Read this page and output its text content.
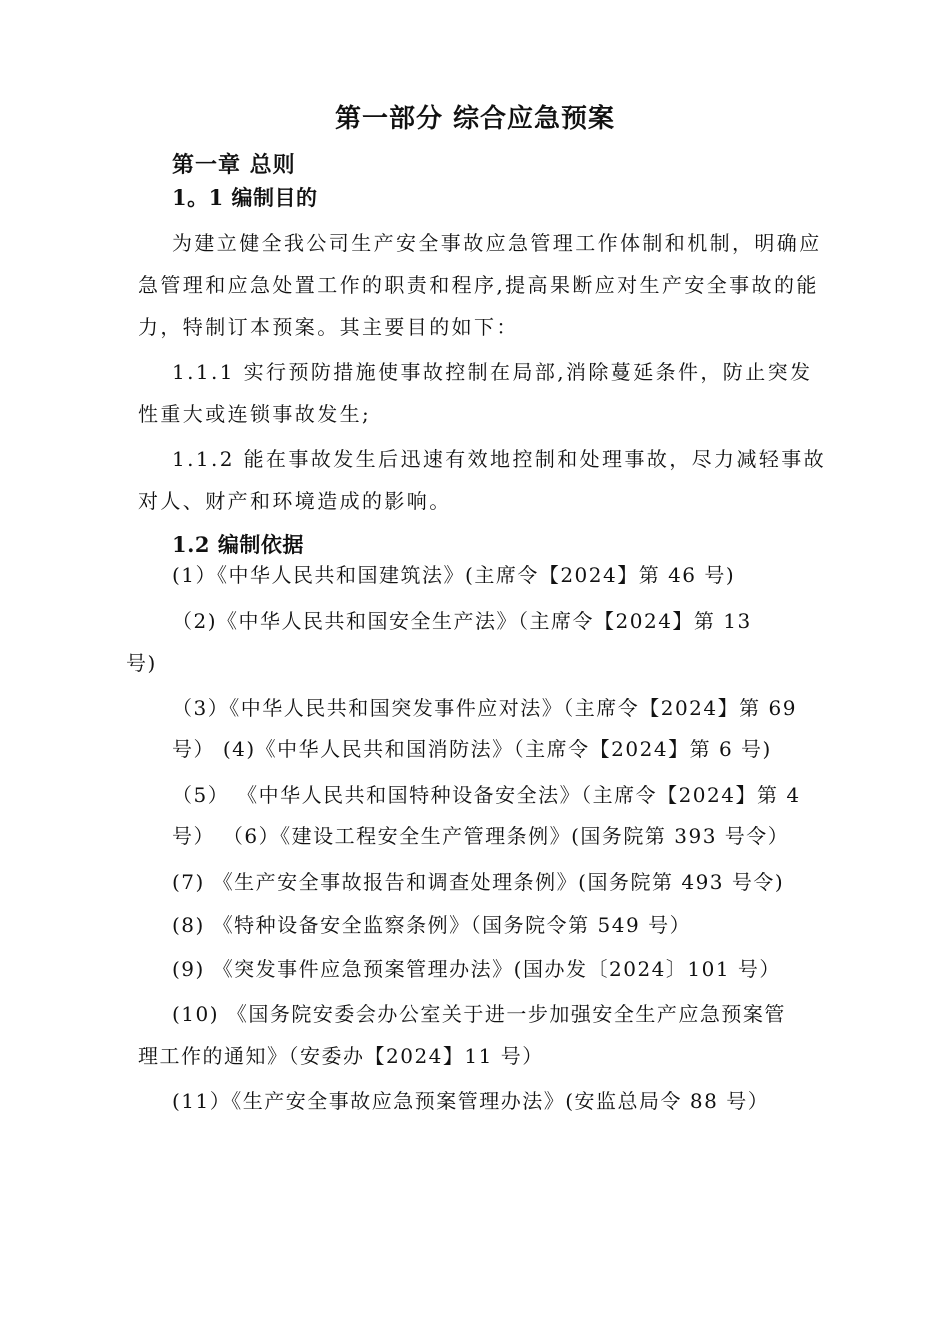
第一部分 综合应急预案
第一章 总则
1。1 编制目的
为建立健全我公司生产安全事故应急管理工作体制和机制，明确应
急管理和应急处置工作的职责和程序,提高果断应对生产安全事故的能
力，特制订本预案。其主要目的如下：
1.1.1 实行预防措施使事故控制在局部,消除蔓延条件，防止突发
性重大或连锁事故发生;
1.1.2 能在事故发生后迅速有效地控制和处理事故，尽力减轻事故
对人、财产和环境造成的影响。
1.2 编制依据
(1）《中华人民共和国建筑法》(主席令【2024】第 46 号)
（2)《中华人民共和国安全生产法》（主席令【2024】第 13
号)
（3）《中华人民共和国突发事件应对法》（主席令【2024】第 69
号） (4)《中华人民共和国消防法》（主席令【2024】第 6 号)
（5） 《中华人民共和国特种设备安全法》（主席令【2024】第 4
号） （6）《建设工程安全生产管理条例》(国务院第 393 号令）
(7) 《生产安全事故报告和调查处理条例》(国务院第 493 号令)
(8) 《特种设备安全监察条例》（国务院令第 549 号）
(9) 《突发事件应急预案管理办法》(国办发〔2024〕101 号）
(10) 《国务院安委会办公室关于进一步加强安全生产应急预案管
理工作的通知》（安委办【2024】11 号）
(11）《生产安全事故应急预案管理办法》(安监总局令 88 号）
